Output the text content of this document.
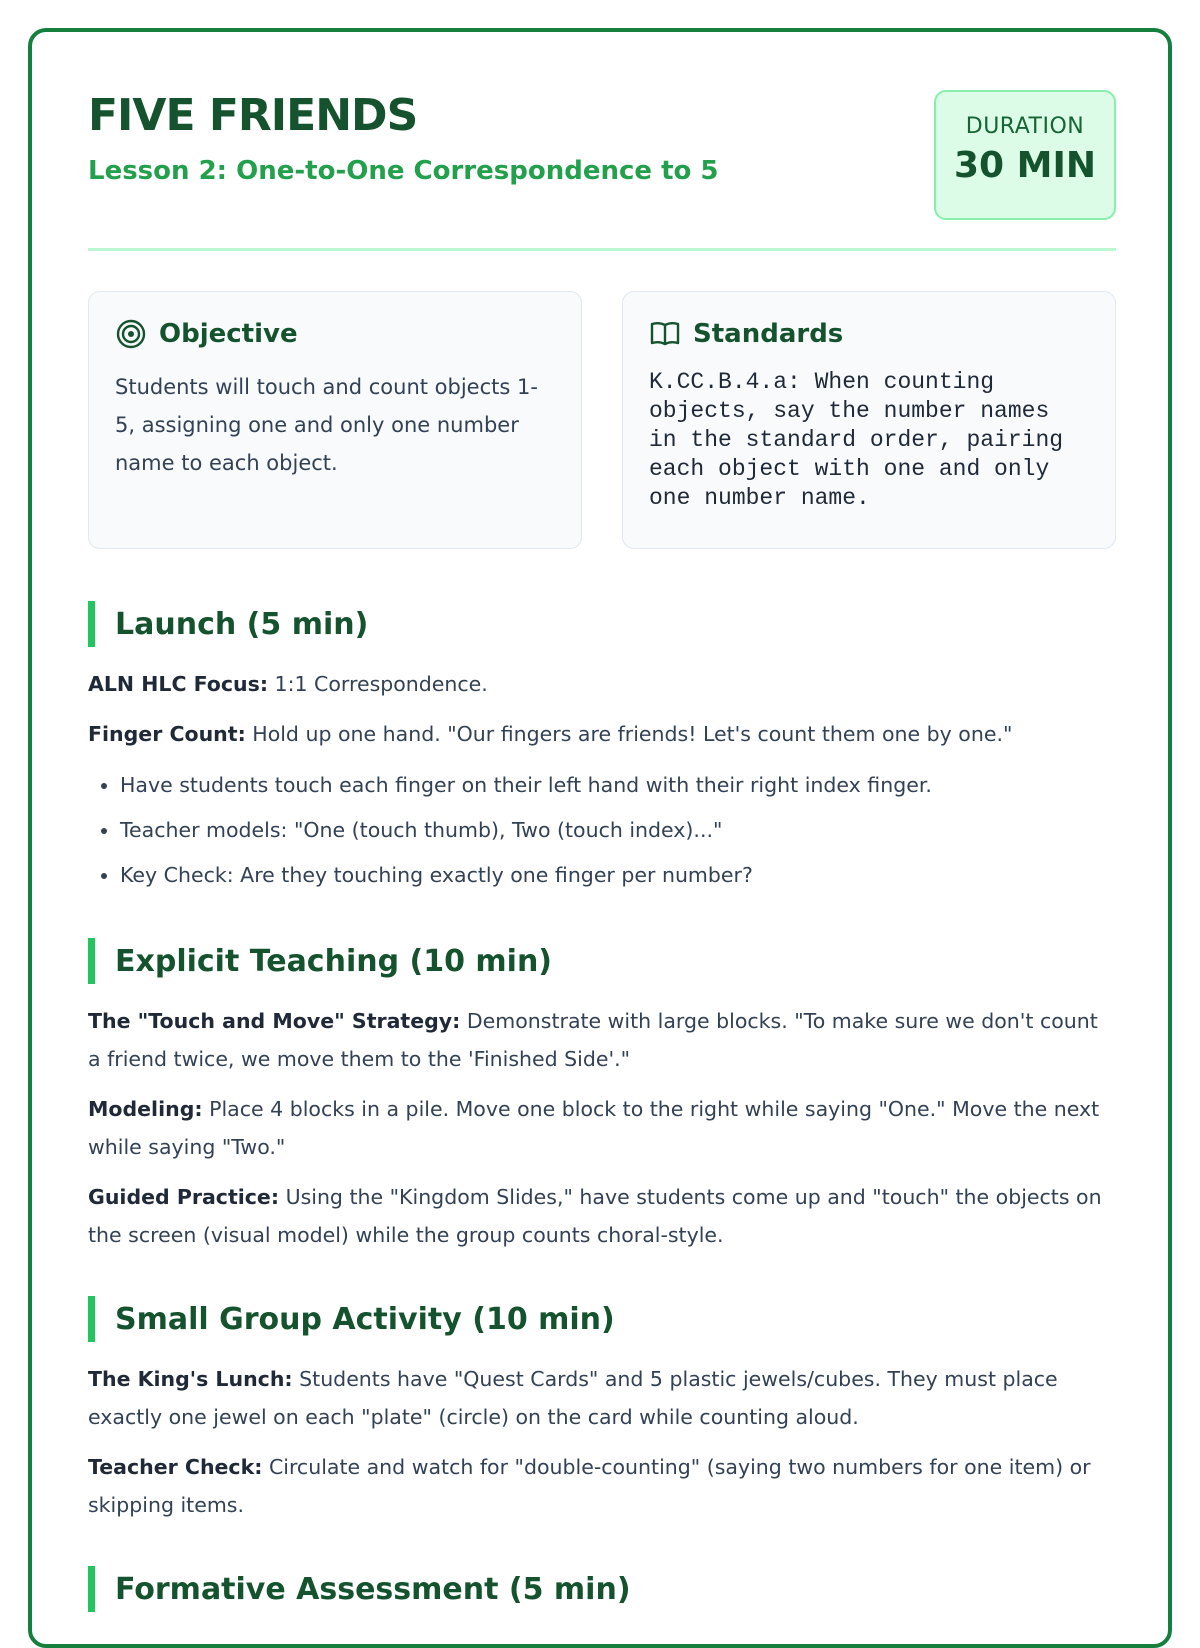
FIVE FRIENDS
Lesson 2: One-to-One Correspondence to 5
DURATION
30 MIN
Objective
Students will touch and count objects 1-5, assigning one and only one number name to each object.
Standards
K.CC.B.4.a: When counting objects, say the number names in the standard order, pairing each object with one and only one number name.
Launch (5 min)

ALN HLC Focus: 1:1 Correspondence.

Finger Count: Hold up one hand. "Our fingers are friends! Let's count them one by one."

• Have students touch each finger on their left hand with their right index finger.
• Teacher models: "One (touch thumb), Two (touch index)..."
• Key Check: Are they touching exactly one finger per number?
Explicit Teaching (10 min)

The "Touch and Move" Strategy: Demonstrate with large blocks. "To make sure we don't count a friend twice, we move them to the 'Finished Side'."

Modeling: Place 4 blocks in a pile. Move one block to the right while saying "One." Move the next while saying "Two."

Guided Practice: Using the "Kingdom Slides," have students come up and "touch" the objects on the screen (visual model) while the group counts choral-style.

Small Group Activity (10 min)

The King's Lunch: Students have "Quest Cards" and 5 plastic jewels/cubes. They must place exactly one jewel on each "plate" (circle) on the card while counting aloud.

Teacher Check: Circulate and watch for "double-counting" (saying two numbers for one item) or skipping items.

Formative Assessment (5 min)
